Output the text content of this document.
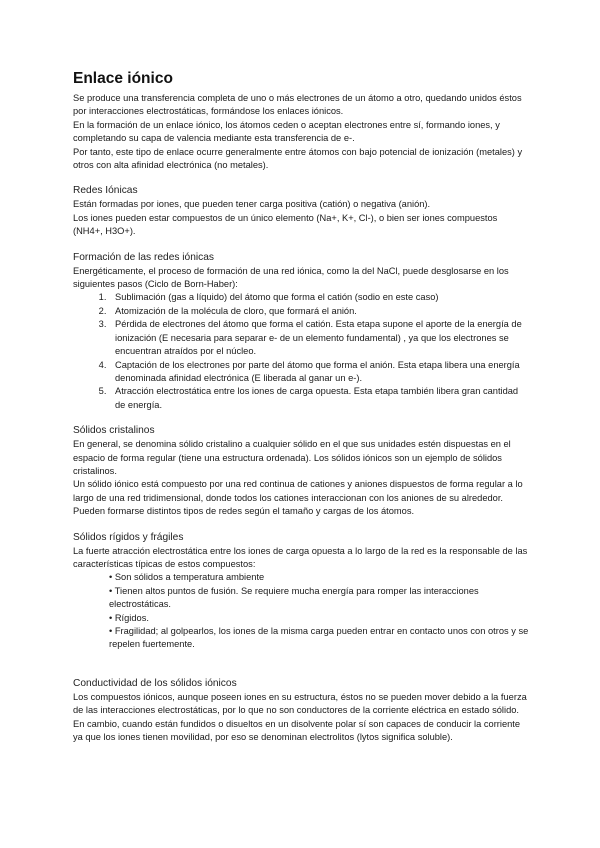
Enlace iónico

Se produce una transferencia completa de uno o más electrones de un átomo a otro, quedando unidos éstos por interacciones electrostáticas, formándose los enlaces iónicos.

En la formación de un enlace iónico, los átomos ceden o aceptan electrones entre sí, formando iones, y completando su capa de valencia mediante esta transferencia de e-.

Por tanto, este tipo de enlace ocurre generalmente entre átomos con bajo potencial de ionización (metales) y otros con alta afinidad electrónica (no metales).

Redes Iónicas

Están formadas por iones, que pueden tener carga positiva (catión) o negativa (anión).

Los iones pueden estar compuestos de un único elemento (Na+, K+, Cl-), o bien ser iones compuestos (NH4+, H3O+).

Formación de las redes iónicas

Energéticamente, el proceso de formación de una red iónica, como la del NaCl, puede desglosarse en los siguientes pasos (Ciclo de Born-Haber):

1. Sublimación (gas a líquido) del átomo que forma el catión (sodio en este caso)
2. Atomización de la molécula de cloro, que formará el anión.
3. Pérdida de electrones del átomo que forma el catión. Esta etapa supone el aporte de la energía de ionización (E necesaria para separar e- de un elemento fundamental) , ya que los electrones se encuentran atraídos por el núcleo.
4. Captación de los electrones por parte del átomo que forma el anión. Esta etapa libera una energía denominada afinidad electrónica (E liberada al ganar un e-).
5. Atracción electrostática entre los iones de carga opuesta. Esta etapa también libera gran cantidad de energía.
Sólidos cristalinos

En general, se denomina sólido cristalino a cualquier sólido en el que sus unidades estén dispuestas en el espacio de forma regular (tiene una estructura ordenada). Los sólidos iónicos son un ejemplo de sólidos cristalinos.

Un sólido iónico está compuesto por una red continua de cationes y aniones dispuestos de forma regular a lo largo de una red tridimensional, donde todos los cationes interaccionan con los aniones de su alrededor. Pueden formarse distintos tipos de redes según el tamaño y cargas de los átomos.

Sólidos rígidos y frágiles

La fuerte atracción electrostática entre los iones de carga opuesta a lo largo de la red es la responsable de las características típicas de estos compuestos:

• Son sólidos a temperatura ambiente

• Tienen altos puntos de fusión. Se requiere mucha energía para romper las interacciones electrostáticas.

• Rígidos.

• Fragilidad; al golpearlos, los iones de la misma carga pueden entrar en contacto unos con otros y se repelen fuertemente.

Conductividad de los sólidos iónicos

Los compuestos iónicos, aunque poseen iones en su estructura, éstos no se pueden mover debido a la fuerza de las interacciones electrostáticas, por lo que no son conductores de la corriente eléctrica en estado sólido. En cambio, cuando están fundidos o disueltos en un disolvente polar sí son capaces de conducir la corriente ya que los iones tienen movilidad, por eso se denominan electrolitos (lytos significa soluble).
